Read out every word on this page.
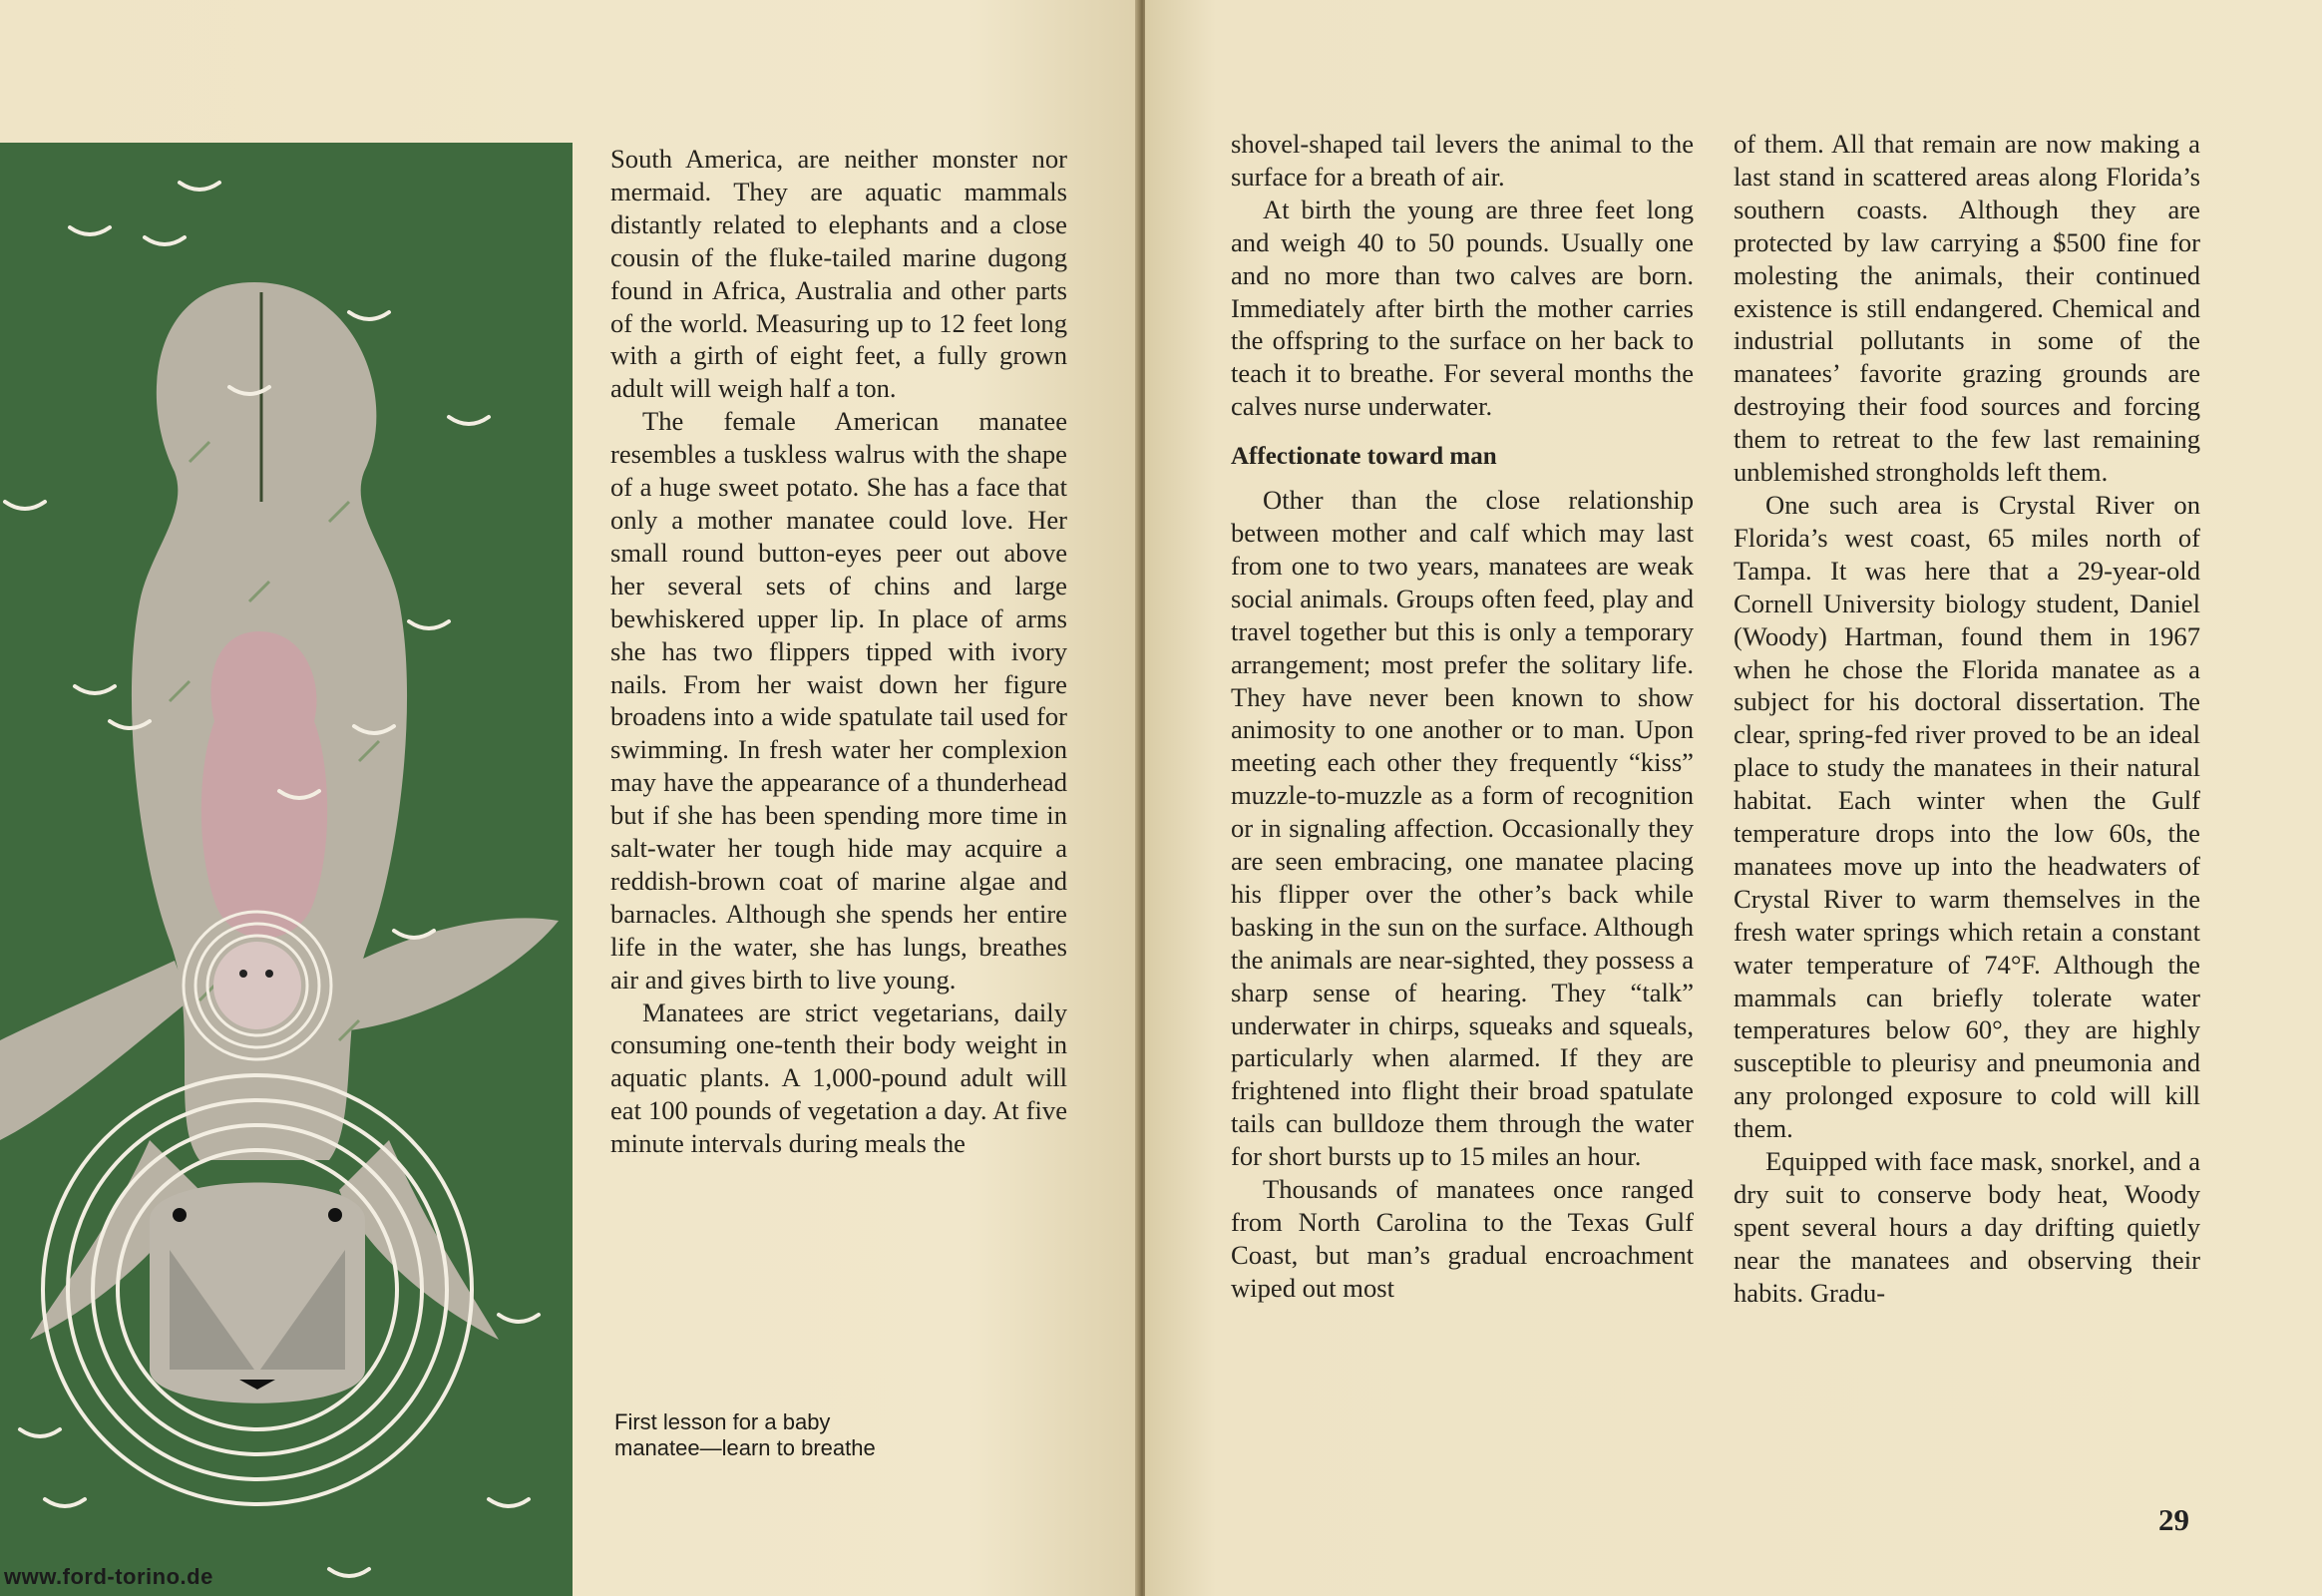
South America, are neither monster nor mermaid. They are aquatic mammals distantly related to elephants and a close cousin of the fluke-tailed marine dugong found in Africa, Australia and other parts of the world. Measuring up to 12 feet long with a girth of eight feet, a fully grown adult will weigh half a ton.

The female American manatee resembles a tuskless walrus with the shape of a huge sweet potato. She has a face that only a mother manatee could love. Her small round button-eyes peer out above her several sets of chins and large bewhiskered upper lip. In place of arms she has two flippers tipped with ivory nails. From her waist down her figure broadens into a wide spatulate tail used for swimming. In fresh water her complexion may have the appearance of a thunderhead but if she has been spending more time in salt-water her tough hide may acquire a reddish-brown coat of marine algae and barnacles. Although she spends her entire life in the water, she has lungs, breathes air and gives birth to live young.

Manatees are strict vegetarians, daily consuming one-tenth their body weight in aquatic plants. A 1,000-pound adult will eat 100 pounds of vegetation a day. At five minute intervals during meals the

First lesson for a baby manatee—learn to breathe
www.ford-torino.de

shovel-shaped tail levers the animal to the surface for a breath of air.

At birth the young are three feet long and weigh 40 to 50 pounds. Usually one and no more than two calves are born. Immediately after birth the mother carries the offspring to the surface on her back to teach it to breathe. For several months the calves nurse underwater.

Affectionate toward man

Other than the close relationship between mother and calf which may last from one to two years, manatees are weak social animals. Groups often feed, play and travel together but this is only a temporary arrangement; most prefer the solitary life. They have never been known to show animosity to one another or to man. Upon meeting each other they frequently “kiss” muzzle-to-muzzle as a form of recognition or in signaling affection. Occasionally they are seen embracing, one manatee placing his flipper over the other’s back while basking in the sun on the surface. Although the animals are near-sighted, they possess a sharp sense of hearing. They “talk” underwater in chirps, squeaks and squeals, particularly when alarmed. If they are frightened into flight their broad spatulate tails can bulldoze them through the water for short bursts up to 15 miles an hour.

Thousands of manatees once ranged from North Carolina to the Texas Gulf Coast, but man’s gradual encroachment wiped out most

of them. All that remain are now making a last stand in scattered areas along Florida’s southern coasts. Although they are protected by law carrying a $500 fine for molesting the animals, their continued existence is still endangered. Chemical and industrial pollutants in some of the manatees’ favorite grazing grounds are destroying their food sources and forcing them to retreat to the few last remaining unblemished strongholds left them.

One such area is Crystal River on Florida’s west coast, 65 miles north of Tampa. It was here that a 29-year-old Cornell University biology student, Daniel (Woody) Hartman, found them in 1967 when he chose the Florida manatee as a subject for his doctoral dissertation. The clear, spring-fed river proved to be an ideal place to study the manatees in their natural habitat. Each winter when the Gulf temperature drops into the low 60s, the manatees move up into the headwaters of Crystal River to warm themselves in the fresh water springs which retain a constant water temperature of 74°F. Although the mammals can briefly tolerate water temperatures below 60°, they are highly susceptible to pleurisy and pneumonia and any prolonged exposure to cold will kill them.

Equipped with face mask, snorkel, and a dry suit to conserve body heat, Woody spent several hours a day drifting quietly near the manatees and observing their habits. Gradu-

29
